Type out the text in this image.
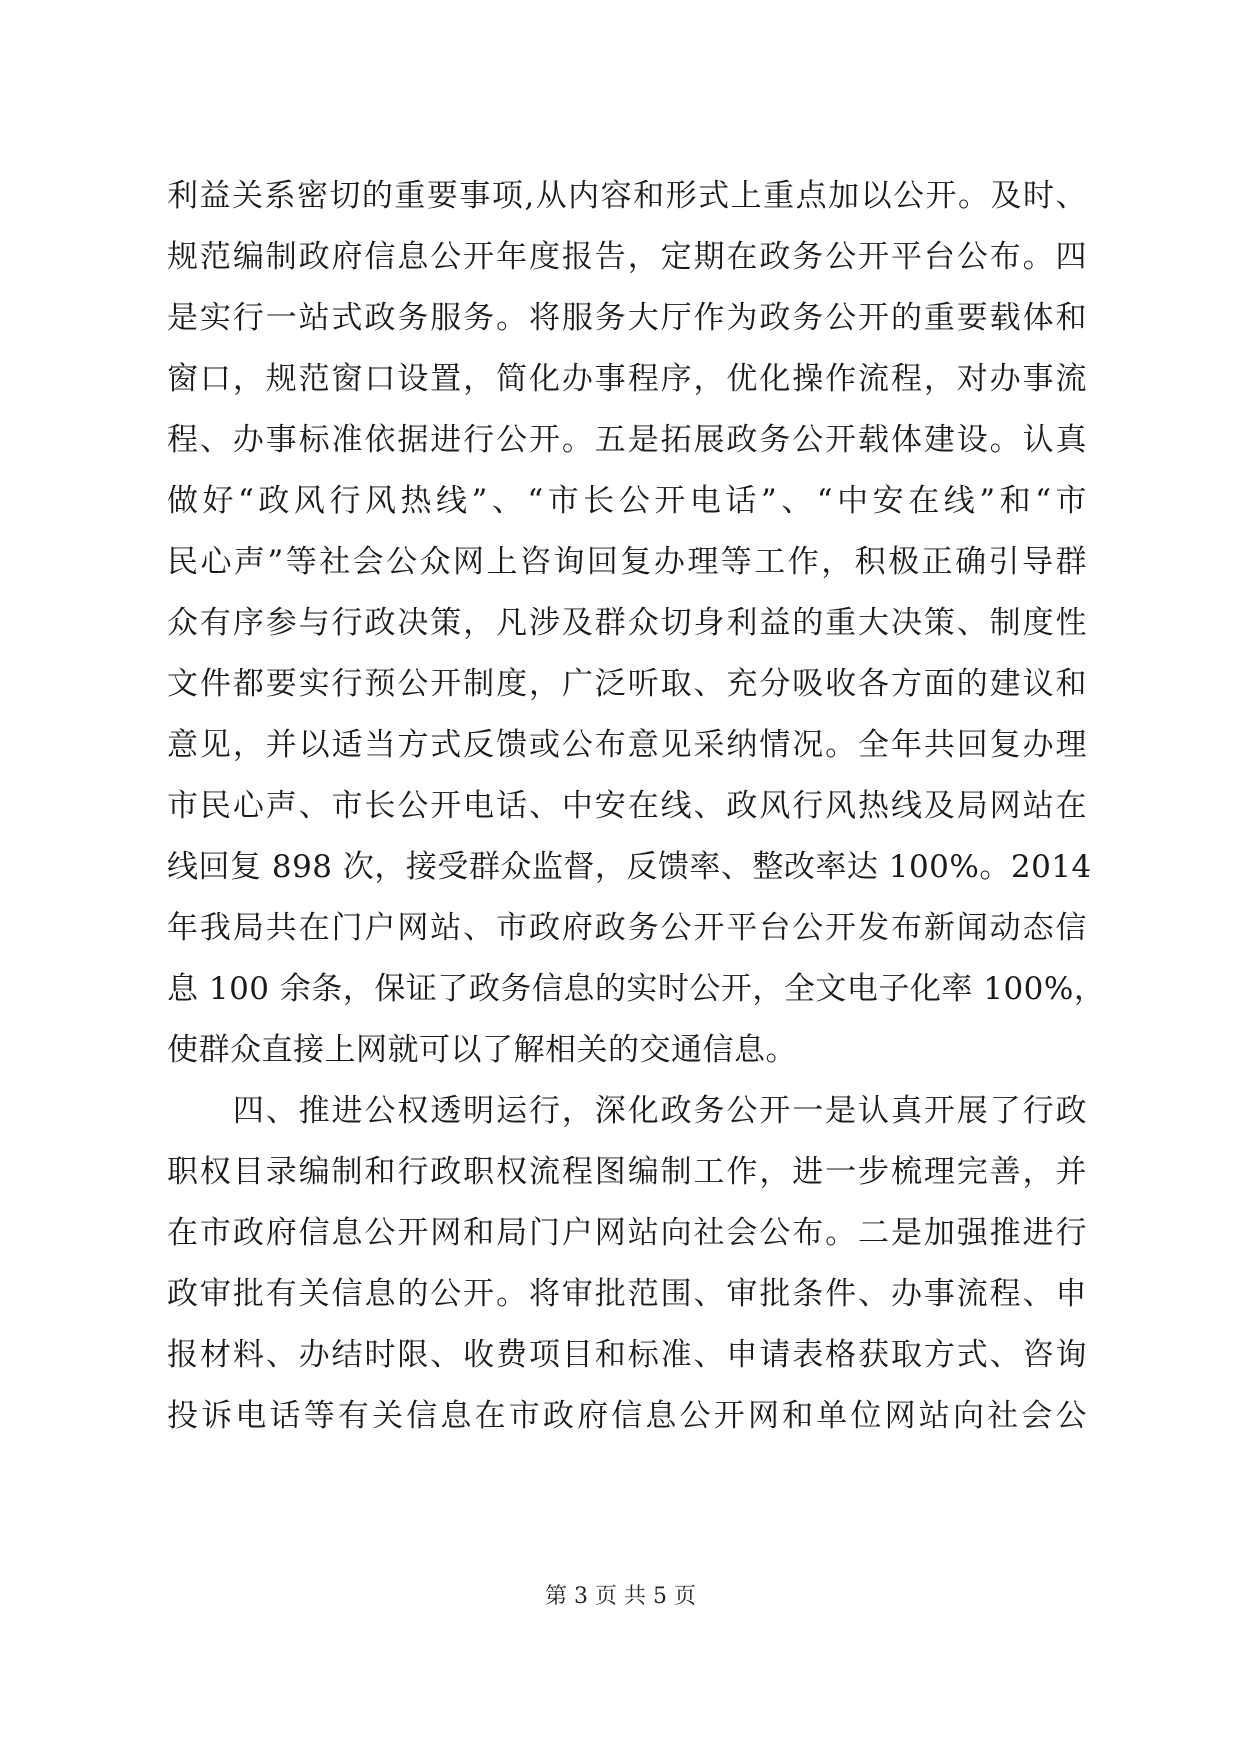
利益关系密切的重要事项,从内容和形式上重点加以公开。及时、
规范编制政府信息公开年度报告，定期在政务公开平台公布。四
是实行一站式政务服务。将服务大厅作为政务公开的重要载体和
窗口，规范窗口设置，简化办事程序，优化操作流程，对办事流
程、办事标准依据进行公开。五是拓展政务公开载体建设。认真
做好“政风行风热线”、“市长公开电话”、“中安在线”和“市
民心声”等社会公众网上咨询回复办理等工作，积极正确引导群
众有序参与行政决策，凡涉及群众切身利益的重大决策、制度性
文件都要实行预公开制度，广泛听取、充分吸收各方面的建议和
意见，并以适当方式反馈或公布意见采纳情况。全年共回复办理
市民心声、市长公开电话、中安在线、政风行风热线及局网站在
线回复 898 次，接受群众监督，反馈率、整改率达 100%。2014
年我局共在门户网站、市政府政务公开平台公开发布新闻动态信
息 100 余条，保证了政务信息的实时公开，全文电子化率 100%，
使群众直接上网就可以了解相关的交通信息。
　　四、推进公权透明运行，深化政务公开一是认真开展了行政
职权目录编制和行政职权流程图编制工作，进一步梳理完善，并
在市政府信息公开网和局门户网站向社会公布。二是加强推进行
政审批有关信息的公开。将审批范围、审批条件、办事流程、申
报材料、办结时限、收费项目和标准、申请表格获取方式、咨询
投诉电话等有关信息在市政府信息公开网和单位网站向社会公
第 3 页 共 5 页
